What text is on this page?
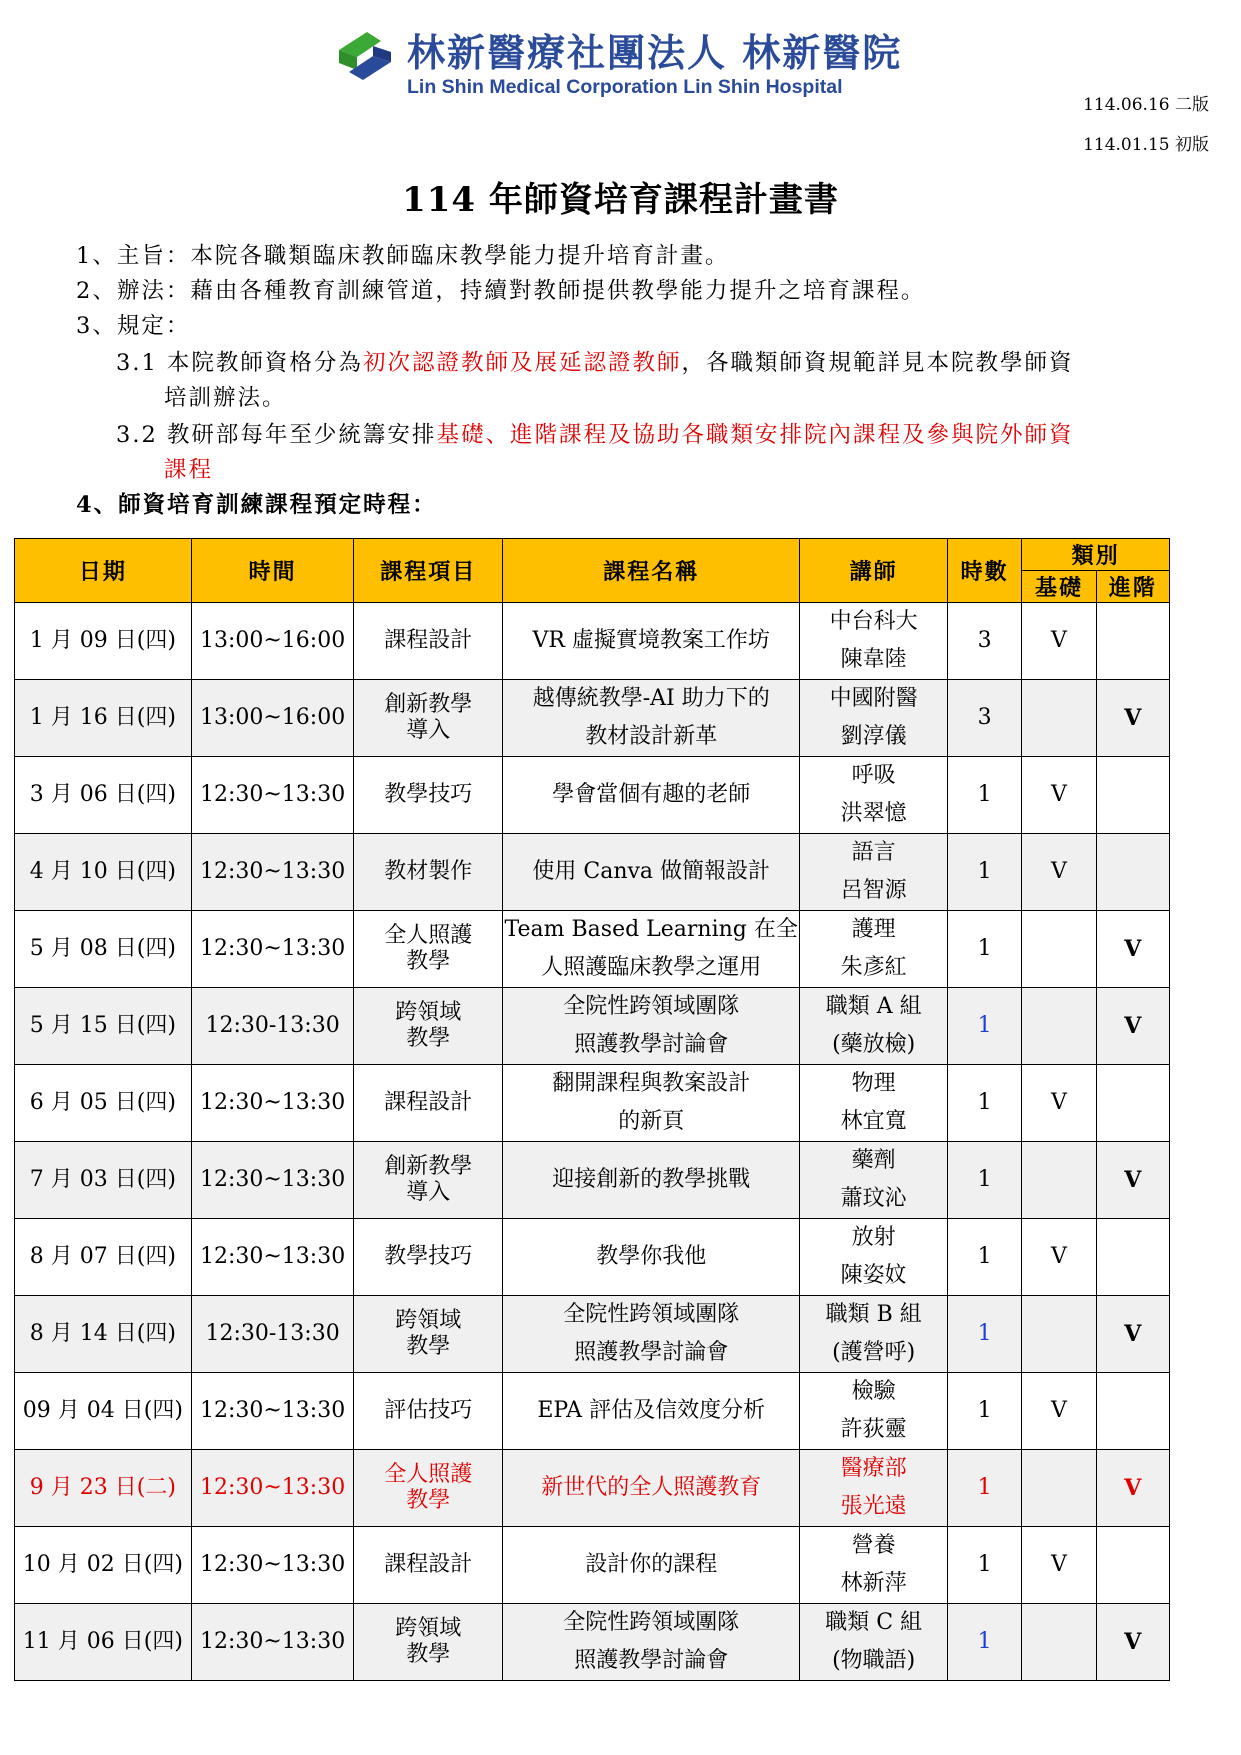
林新醫療社團法人 林新醫院
Lin Shin Medical Corporation Lin Shin Hospital
114.06.16 二版
114.01.15 初版
114 年師資培育課程計畫書
1、主旨：本院各職類臨床教師臨床教學能力提升培育計畫。
2、辦法：藉由各種教育訓練管道，持續對教師提供教學能力提升之培育課程。
3、規定：
3.1 本院教師資格分為初次認證教師及展延認證教師，各職類師資規範詳見本院教學師資
培訓辦法。
3.2 教研部每年至少統籌安排基礎、進階課程及協助各職類安排院內課程及參與院外師資
課程
4、師資培育訓練課程預定時程：
日期	時間	課程項目	課程名稱	講師	時數	類別	
						基礎	進階
1 月 09 日(四)	13:00~16:00	課程設計	VR 虛擬實境教案工作坊	中台科大
陳韋陸	3	V	
1 月 16 日(四)	13:00~16:00	創新教學
導入	越傳統教學-AI 助力下的
教材設計新革	中國附醫
劉淳儀	3		V
3 月 06 日(四)	12:30~13:30	教學技巧	學會當個有趣的老師	呼吸
洪翠憶	1	V	
4 月 10 日(四)	12:30~13:30	教材製作	使用 Canva 做簡報設計	語言
呂智源	1	V	
5 月 08 日(四)	12:30~13:30	全人照護
教學	Team Based Learning 在全
人照護臨床教學之運用	護理
朱彥紅	1		V
5 月 15 日(四)	12:30-13:30	跨領域
教學	全院性跨領域團隊
照護教學討論會	職類 A 組
(藥放檢)	1		V
6 月 05 日(四)	12:30~13:30	課程設計	翻開課程與教案設計
的新頁	物理
林宜寬	1	V	
7 月 03 日(四)	12:30~13:30	創新教學
導入	迎接創新的教學挑戰	藥劑
蕭玟沁	1		V
8 月 07 日(四)	12:30~13:30	教學技巧	教學你我他	放射
陳姿妏	1	V	
8 月 14 日(四)	12:30-13:30	跨領域
教學	全院性跨領域團隊
照護教學討論會	職類 B 組
(護營呼)	1		V
09 月 04 日(四)	12:30~13:30	評估技巧	EPA 評估及信效度分析	檢驗
許荻靈	1	V	
9 月 23 日(二)	12:30~13:30	全人照護
教學	新世代的全人照護教育	醫療部
張光遠	1		V
10 月 02 日(四)	12:30~13:30	課程設計	設計你的課程	營養
林新萍	1	V	
11 月 06 日(四)	12:30~13:30	跨領域
教學	全院性跨領域團隊
照護教學討論會	職類 C 組
(物職語)	1		V
